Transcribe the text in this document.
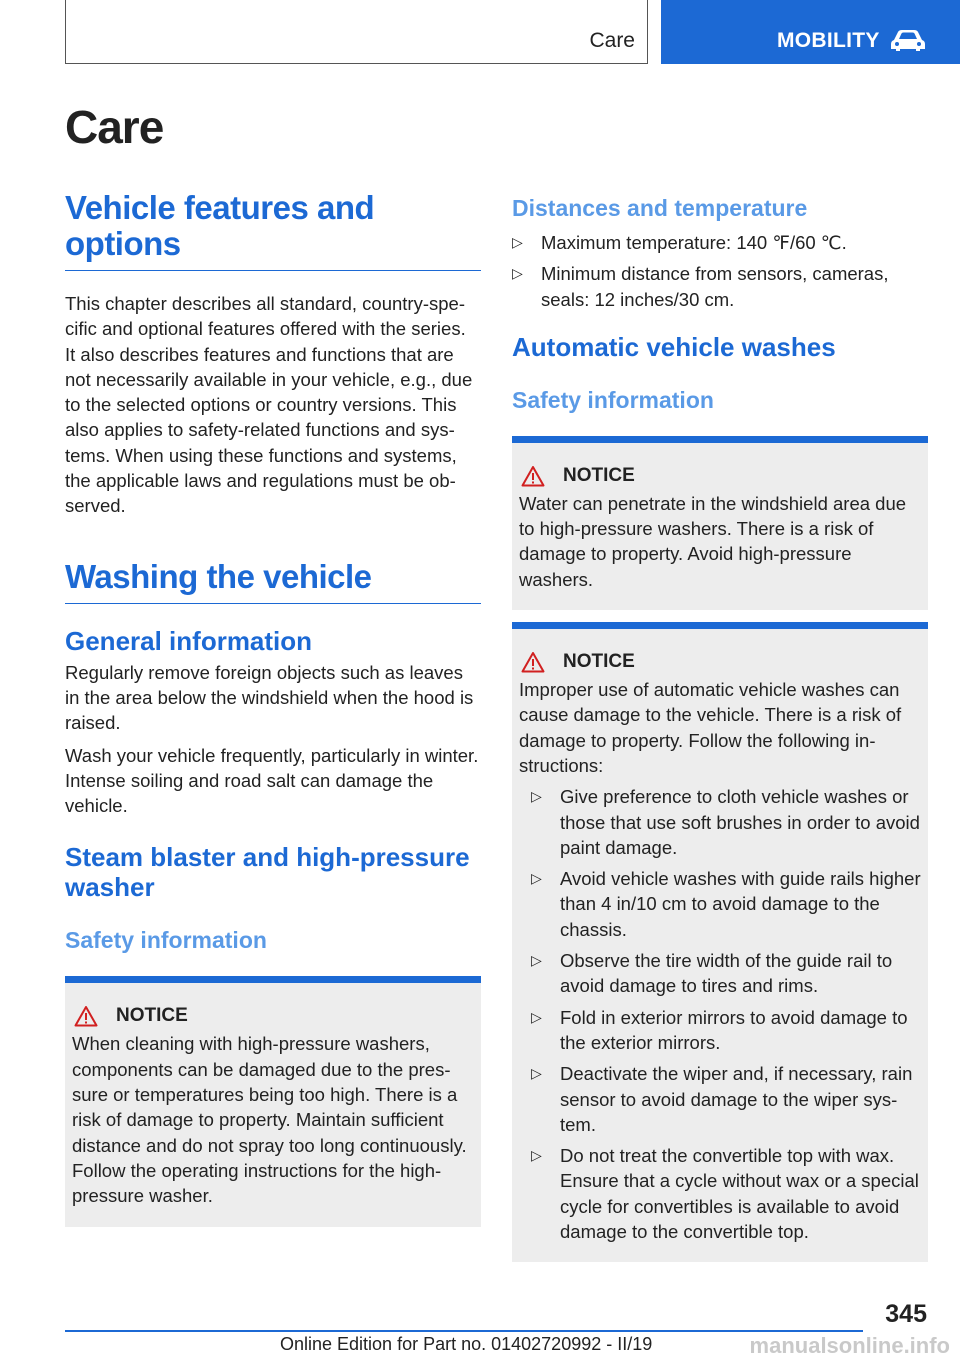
Care	MOBILITY
Care
Vehicle features and options

This chapter describes all standard, country-specific and optional features offered with the series. It also describes features and functions that are not necessarily available in your vehicle, e.g., due to the selected options or country versions. This also applies to safety-related functions and systems. When using these functions and systems, the applicable laws and regulations must be observed.

Washing the vehicle
General information

Regularly remove foreign objects such as leaves in the area below the windshield when the hood is raised.

Wash your vehicle frequently, particularly in winter. Intense soiling and road salt can damage the vehicle.

Steam blaster and high-pressure washer
Safety information
NOTICE

When cleaning with high-pressure washers, components can be damaged due to the pressure or temperatures being too high. There is a risk of damage to property. Maintain sufficient distance and do not spray too long continuously. Follow the operating instructions for the high-pressure washer.

Distances and temperature
▷ Maximum temperature: 140 ℉/60 ℃.
▷ Minimum distance from sensors, cameras, seals: 12 inches/30 cm.
Automatic vehicle washes
Safety information
NOTICE

Water can penetrate in the windshield area due to high-pressure washers. There is a risk of damage to property. Avoid high-pressure washers.

NOTICE

Improper use of automatic vehicle washes can cause damage to the vehicle. There is a risk of damage to property. Follow the following instructions:

▷ Give preference to cloth vehicle washes or those that use soft brushes in order to avoid paint damage.
▷ Avoid vehicle washes with guide rails higher than 4 in/10 cm to avoid damage to the chassis.
▷ Observe the tire width of the guide rail to avoid damage to tires and rims.
▷ Fold in exterior mirrors to avoid damage to the exterior mirrors.
▷ Deactivate the wiper and, if necessary, rain sensor to avoid damage to the wiper system.
▷ Do not treat the convertible top with wax. Ensure that a cycle without wax or a special cycle for convertibles is available to avoid damage to the convertible top.
345
Online Edition for Part no. 01402720992 - II/19	manualsonline.info
